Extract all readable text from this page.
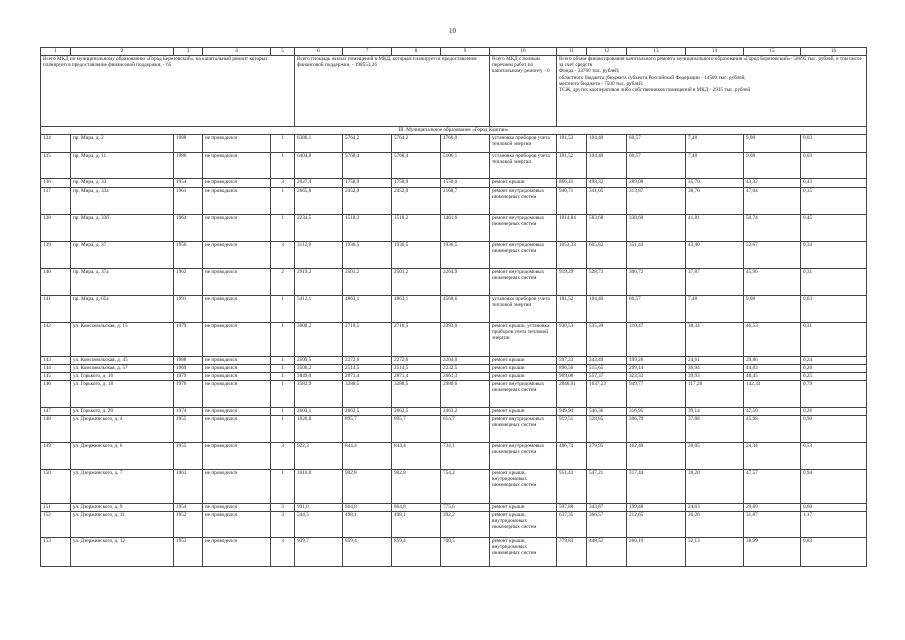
10
1	2	3	4	5	6	7	8	9	10	11	12	13	14	15	16
Всего МКД по муниципальному образованию «Город Березовский», на капитальный ремонт которых планируется предоставление финансовой поддержки, - 65					Всего площадь жилых помещений в МКД, которым планируется предоставление финансовой поддержки, - 198553,26				Всего МКД с полным перечнем работ по капитальному ремонту - 0	Всего объем финансирования капитального ремонта муниципального образования «Город Березовский»- 58695 тыс. рублей, в том числе за счет средств
Фонда - 33760 тыс. рублей;
областного бюджета (бюджета субъекта Российской Федерации - 14500 тыс. рублей;
местного бюджета - 7500 тыс. рублей;
ТСЖ, других кооперативов либо собственников помещений в МКД - 2935 тыс. рублей					

III. Муниципальное образование «Город Каштан»															
134	пр. Мира, д. 2	1988	не проводился	1	6386,1	5764,2	5764,2	4766,0	установка приборов учета тепловой энергии	181,52	104,40	60,57	7,48	9,08	0,03
135	пр. Мира, д. 11	1986	не проводился	1	6404,8	5768,4	5768,4	5106,1	установка приборов учета тепловой энергии	181,52	104,40	60,57	7,48	9,08	0,03
136	пр. Мира, д. 33	1954	не проводился	3	2027,4	1758,9	1758,9	1550,0	ремонт крыши	866,41	498,32	289,08	35,70	43,32	0,43
137	пр. Мира, д. 33а	1961	не проводился	1	2665,8	2452,0	2452,0	2168,7	ремонт внутридомовых инженерных систем	940,71	541,05	313,87	38,76	47,04	0,35
138	пр. Мира, д. 33б	1964	не проводился	1	2234,5	1518,2	1518,2	1461,6	ремонт внутридомовых инженерных систем	1014,84	583,68	338,60	41,81	50,74	0,45
139	пр. Мира, д. 37	1956	не проводился	3	3112,8	1936,5	1936,5	1936,5	ремонт внутридомовых инженерных систем	1053,33	605,82	351,44	43,40	52,67	0,34
140	пр. Мира, д. 37а	1962	не проводился	2	2919,2	2501,2	2501,2	2264,9	ремонт внутридомовых инженерных систем	919,29	528,73	306,72	37,87	45,96	0,31
141	пр. Мира, д. 65а	1991	не проводился	1	5412,1	4863,1	4863,1	4568,6	установка приборов учета тепловой энергии	181,52	104,40	60,57	7,48	9,08	0,03
142	ул. Комсомольская, д. 15	1979	не проводился	1	3008,2	2710,5	2710,5	2393,0	ремонт крыши, установка приборов учета тепловой энергии	930,53	535,20	310,47	38,34	46,53	0,31
143	ул. Комсомольская, д. 45	1988	не проводился	1	2509,5	2272,6	2272,6	2204,0	ремонт крыши	597,23	343,49	199,26	24,61	29,86	0,24
144	ул. Комсомольская, д. 57	1969	не проводился	1	3506,2	2514,5	2514,5	2232,5	ремонт крыши	896,56	515,65	299,14	36,94	44,83	0,26
145	ул. Горького, д. 16	1979	не проводился	1	3849,0	2871,4	2871,4	2661,3	ремонт крыши	969,08	557,37	323,33	39,93	48,45	0,25
146	ул. Горького, д. 18	1976	не проводился	1	3582,9	3288,5	3288,5	2980,6	ремонт внутридомовых инженерных систем	2846,61	1637,23	949,77	117,28	142,33	0,79
147	ул. Горького, д. 20	1974	не проводился	1	3603,1	2662,5	2662,5	2463,2	ремонт крыши	949,94	546,36	316,95	39,14	47,50	0,26
148	ул. Дзержинского, д. 4	1955	не проводился	1	1020,8	895,7	895,7	614,7	ремонт внутридомовых инженерных систем	919,51	528,85	306,79	37,88	45,98	0,90
149	ул. Дзержинского, д. 6	1955	не проводился	3	922,3	844,4	844,4	734,1	ремонт внутридомовых инженерных систем	486,74	279,95	162,40	20,05	24,34	0,53
150	ул. Дзержинского, д. 7	1963	не проводился	1	1016,8	902,8	902,8	754,2	ремонт крыши, внутридомовых инженерных систем	951,43	547,21	317,44	39,20	47,57	0,94
151	ул. Дзержинского, д. 9	1954	не проводился	3	991,0	864,8	864,8	775,6	ремонт крыши	597,88	343,87	199,48	24,63	29,89	0,60
152	ул. Дзержинского, д. 11	1952	не проводился	3	544,3	498,1	498,1	392,2	ремонт крыши, внутридомовых инженерных систем	637,35	366,57	212,65	26,26	31,87	1,17
153	ул. Дзержинского, д. 12	1953	не проводился	3	939,7	859,4	859,4	700,5	ремонт крыши, внутридомовых инженерных систем	779,83	448,52	260,19	32,13	38,99	0,83
